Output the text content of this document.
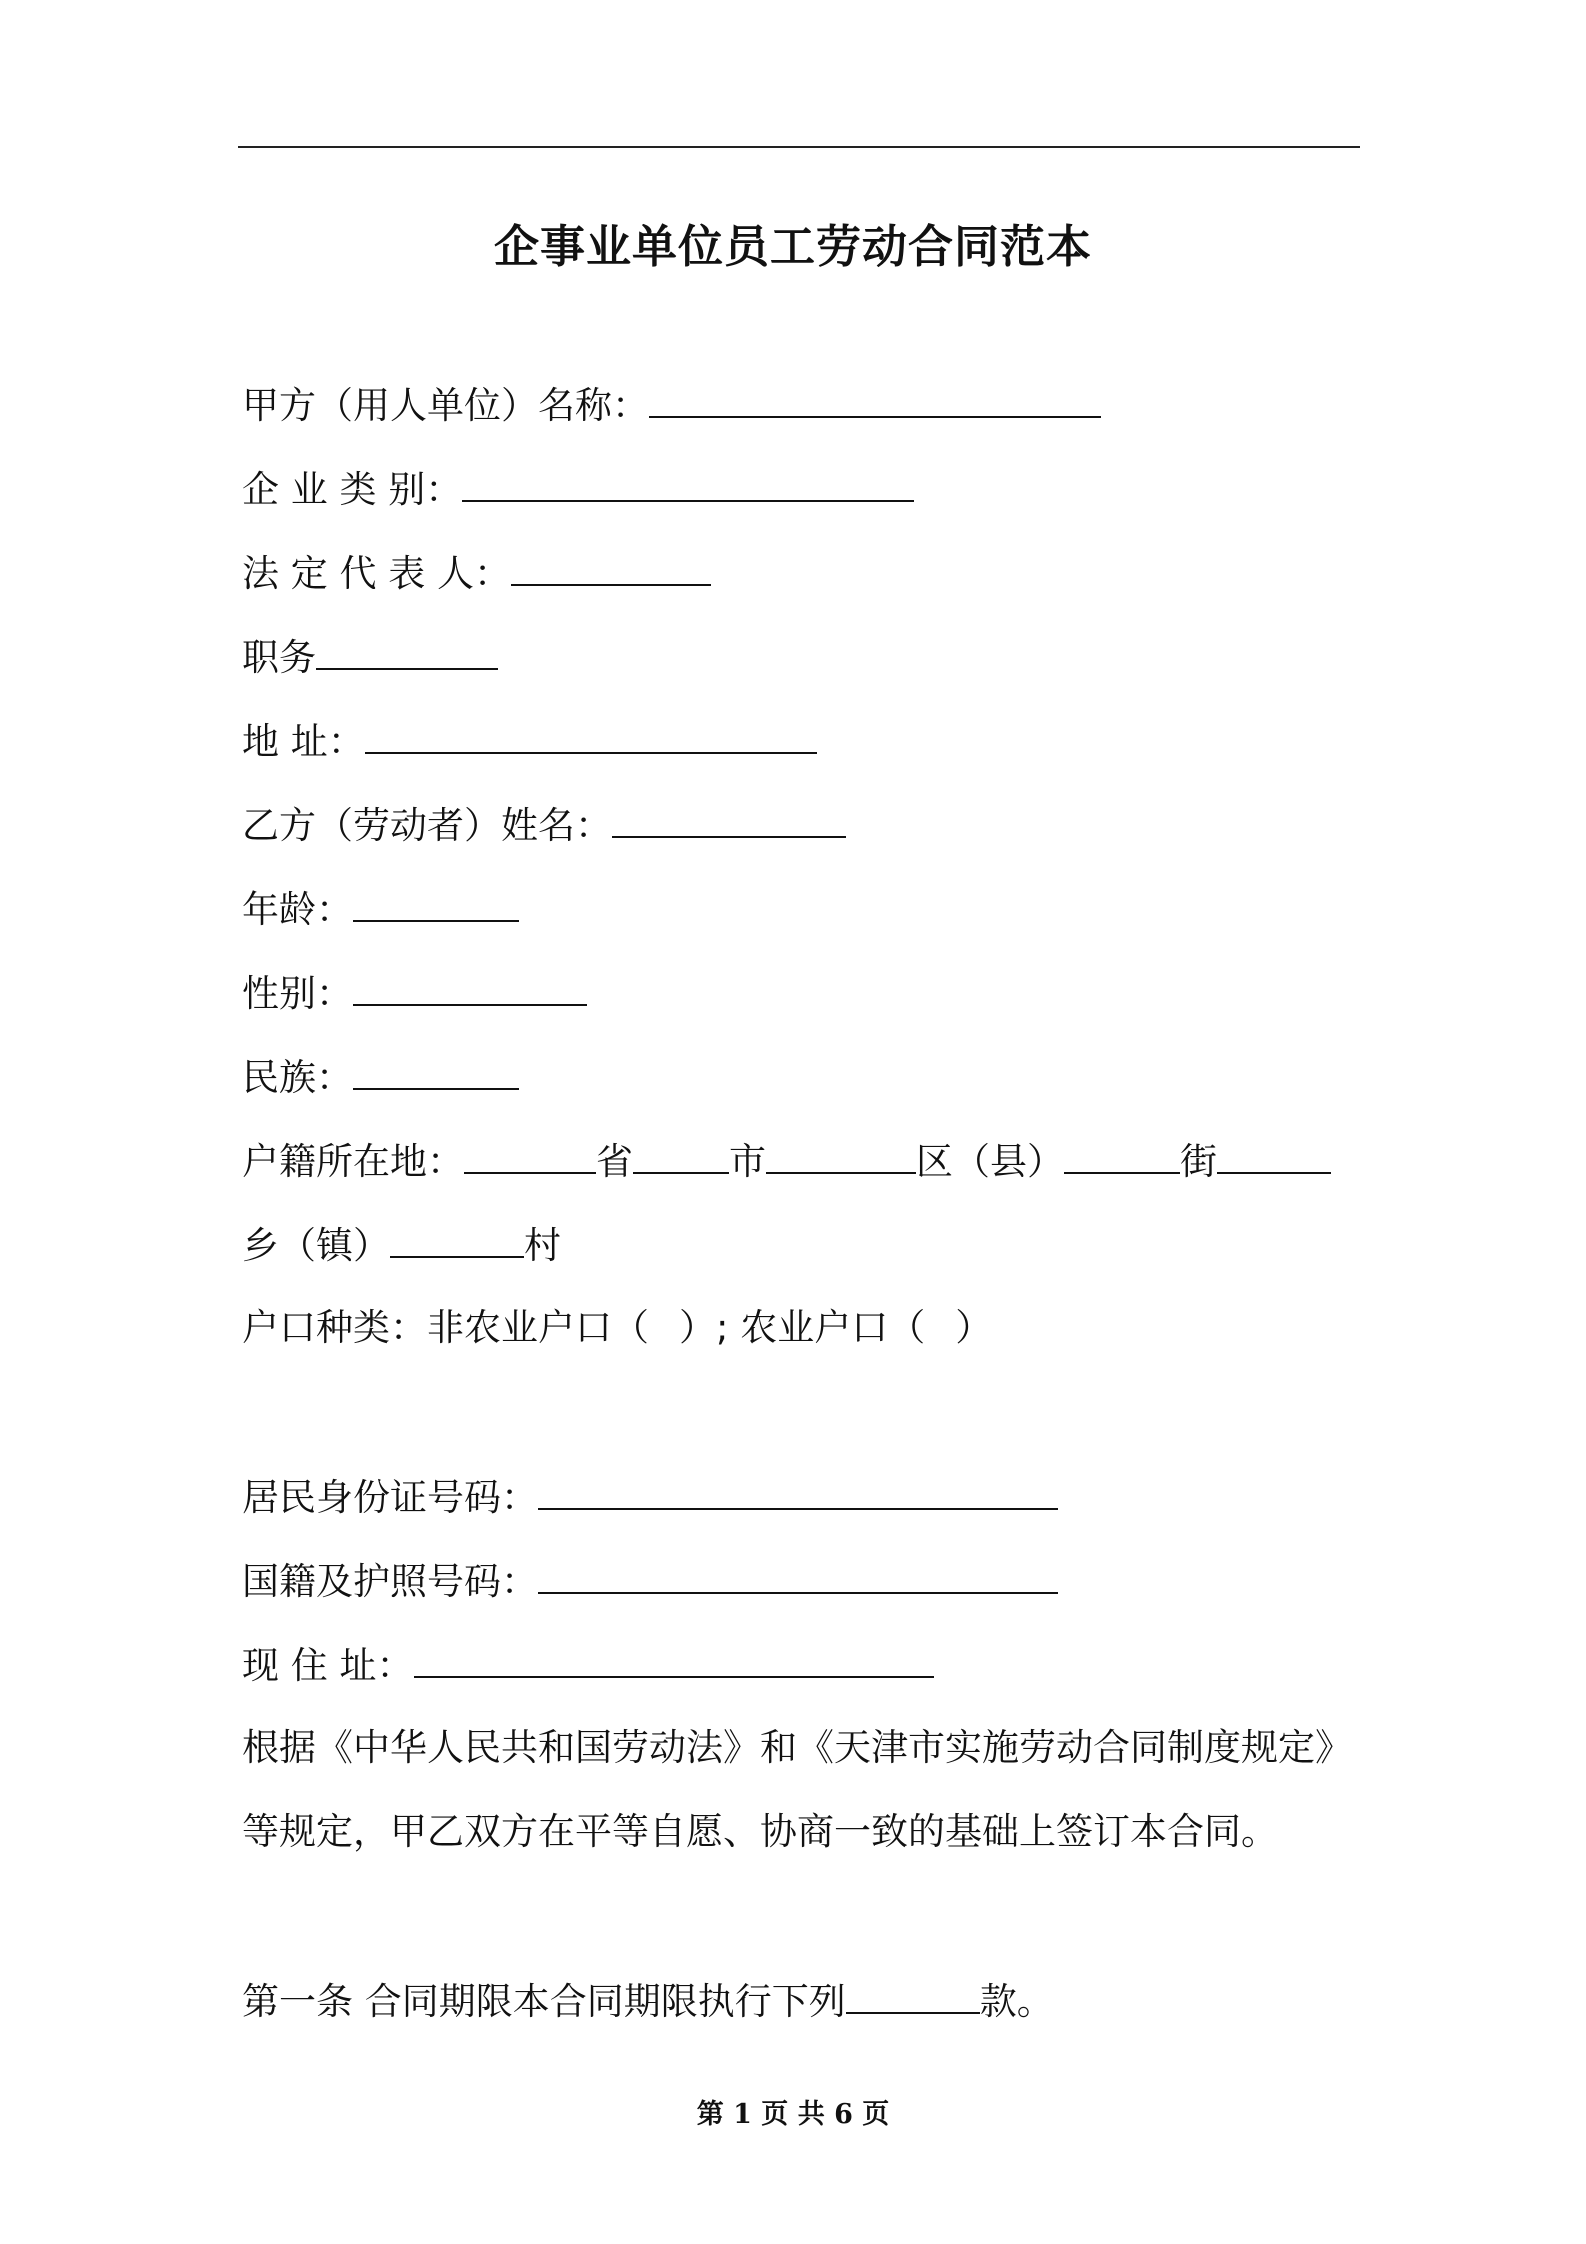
企事业单位员工劳动合同范本
甲方（用人单位）名称：
企 业 类 别：
法 定 代 表 人：
职务
地 址：
乙方（劳动者）姓名：
年龄：
性别：
民族：
户籍所在地：	省	市	区（县）	街
乡（镇）	村
户口种类：非农业户口（ ）; 农业户口（ ）
居民身份证号码：
国籍及护照号码：
现 住 址：
根据《中华人民共和国劳动法》和《天津市实施劳动合同制度规定》
等规定，甲乙双方在平等自愿、协商一致的基础上签订本合同。
第一条 合同期限本合同期限执行下列	款。
第 1 页 共 6 页
